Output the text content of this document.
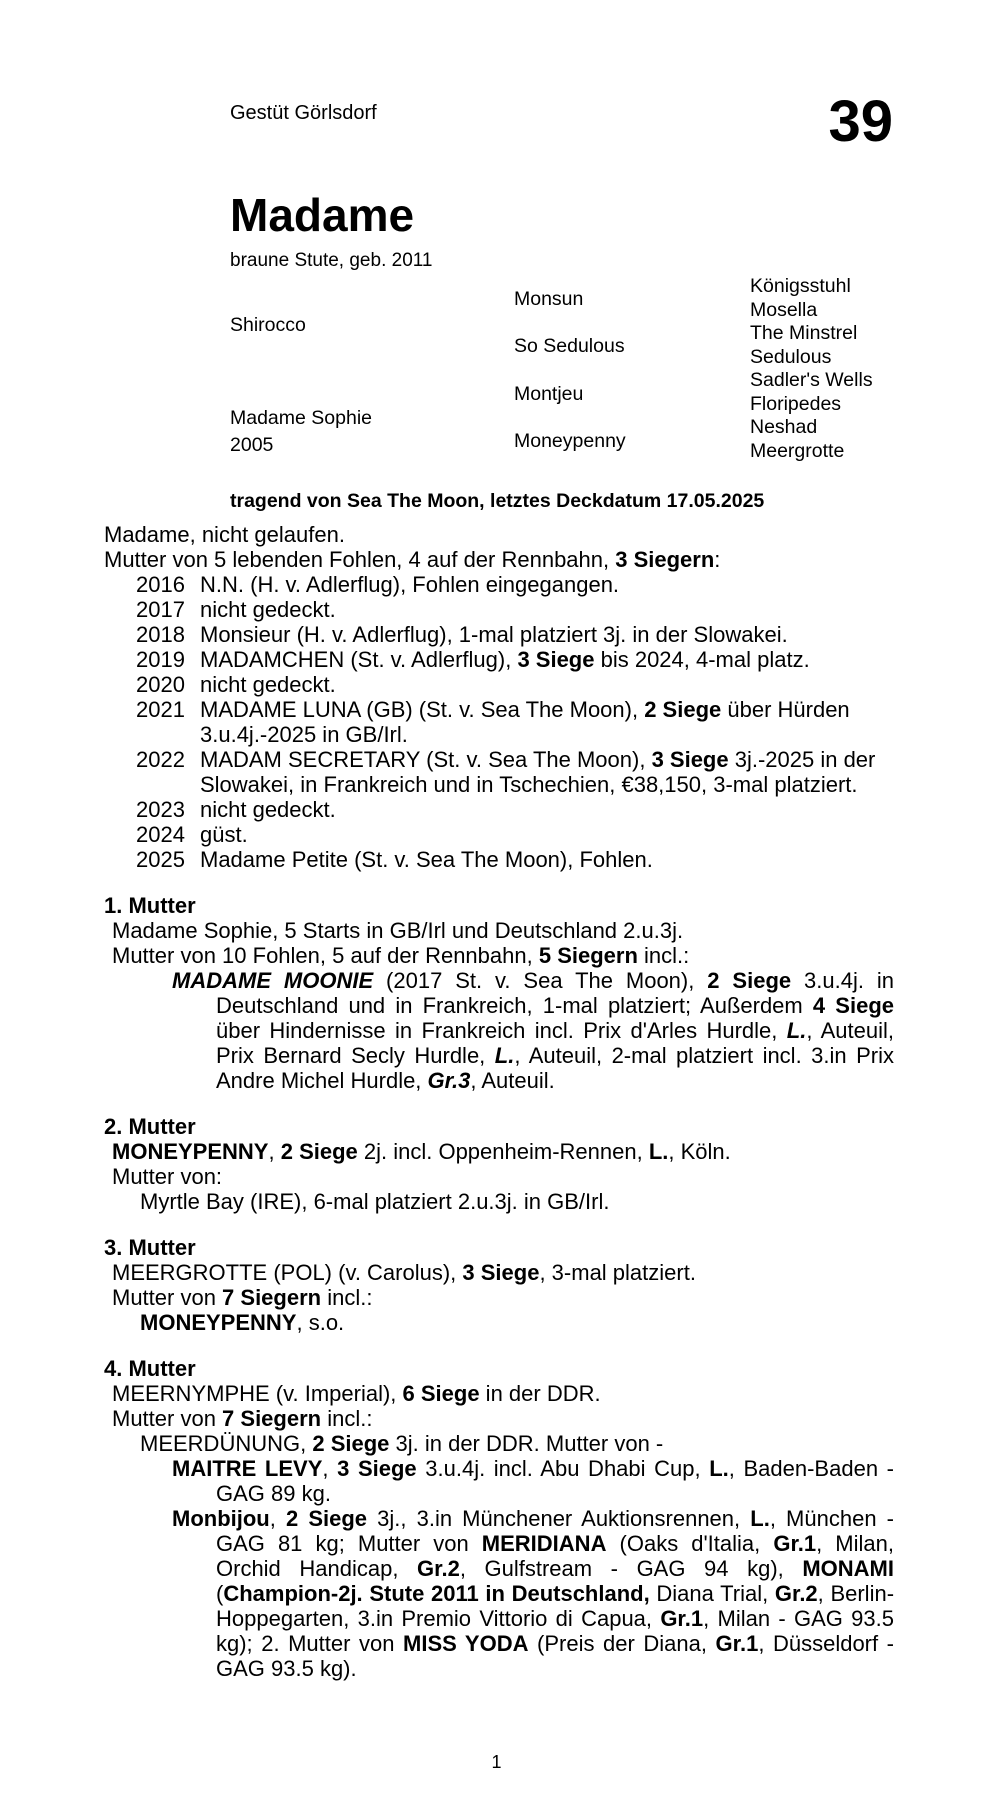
Gestüt Görlsdorf	39
Madame
braune Stute, geb. 2011
Shirocco
Madame Sophie
2005
Monsun
So Sedulous
Montjeu
Moneypenny
Königsstuhl
Mosella
The Minstrel
Sedulous
Sadler's Wells
Floripedes
Neshad
Meergrotte
tragend von Sea The Moon, letztes Deckdatum 17.05.2025

Madame, nicht gelaufen.

Mutter von 5 lebenden Fohlen, 4 auf der Rennbahn, 3 Siegern:

2016 N.N. (H. v. Adlerflug), Fohlen eingegangen.
2017 nicht gedeckt.
2018 Monsieur (H. v. Adlerflug), 1-mal platziert 3j. in der Slowakei.
2019 MADAMCHEN (St. v. Adlerflug), 3 Siege bis 2024, 4-mal platz.
2020 nicht gedeckt.
2021 MADAME LUNA (GB) (St. v. Sea The Moon), 2 Siege über Hürden 3.u.4j.-2025 in GB/Irl.
2022 MADAM SECRETARY (St. v. Sea The Moon), 3 Siege 3j.-2025 in der Slowakei, in Frankreich und in Tschechien, €38,150, 3-mal platziert.
2023 nicht gedeckt.
2024 güst.
2025 Madame Petite (St. v. Sea The Moon), Fohlen.

1. Mutter

Madame Sophie, 5 Starts in GB/Irl und Deutschland 2.u.3j.

Mutter von 10 Fohlen, 5 auf der Rennbahn, 5 Siegern incl.:

MADAME MOONIE (2017 St. v. Sea The Moon), 2 Siege 3.u.4j. in Deutschland und in Frankreich, 1-mal platziert; Außerdem 4 Siege über Hindernisse in Frankreich incl. Prix d'Arles Hurdle, L., Auteuil, Prix Bernard Secly Hurdle, L., Auteuil, 2-mal platziert incl. 3.in Prix Andre Michel Hurdle, Gr.3, Auteuil.

2. Mutter

MONEYPENNY, 2 Siege 2j. incl. Oppenheim-Rennen, L., Köln.

Mutter von:

Myrtle Bay (IRE), 6-mal platziert 2.u.3j. in GB/Irl.

3. Mutter

MEERGROTTE (POL) (v. Carolus), 3 Siege, 3-mal platziert.

Mutter von 7 Siegern incl.:

MONEYPENNY, s.o.

4. Mutter

MEERNYMPHE (v. Imperial), 6 Siege in der DDR.

Mutter von 7 Siegern incl.:

MEERDÜNUNG, 2 Siege 3j. in der DDR. Mutter von -

MAITRE LEVY, 3 Siege 3.u.4j. incl. Abu Dhabi Cup, L., Baden-Baden - GAG 89 kg.

Monbijou, 2 Siege 3j., 3.in Münchener Auktionsrennen, L., München - GAG 81 kg; Mutter von MERIDIANA (Oaks d'Italia, Gr.1, Milan, Orchid Handicap, Gr.2, Gulfstream - GAG 94 kg), MONAMI (Champion-2j. Stute 2011 in Deutschland, Diana Trial, Gr.2, Berlin-Hoppegarten, 3.in Premio Vittorio di Capua, Gr.1, Milan - GAG 93.5 kg); 2. Mutter von MISS YODA (Preis der Diana, Gr.1, Düsseldorf - GAG 93.5 kg).

1
